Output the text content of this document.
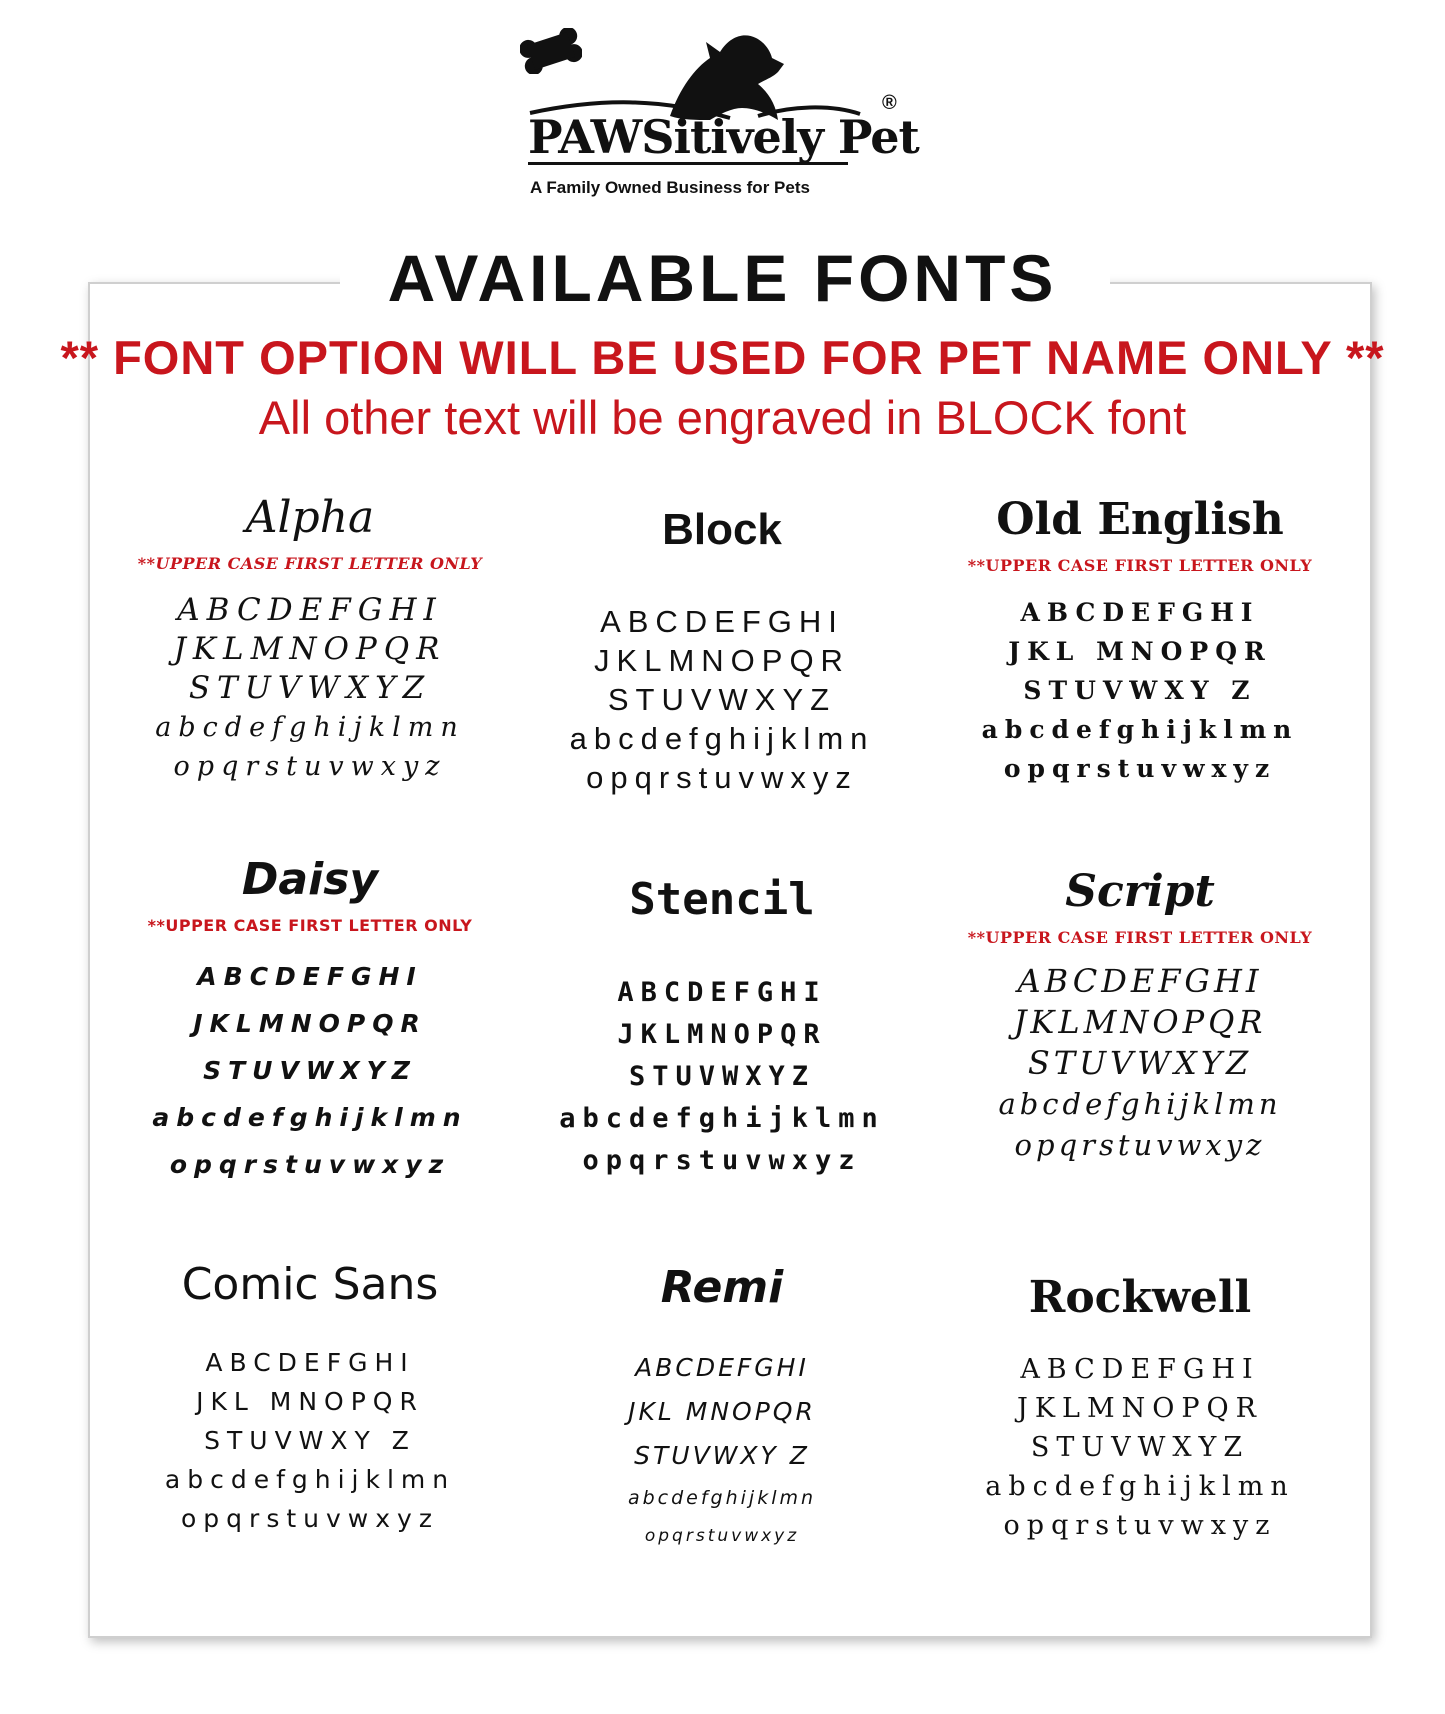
PAWSitively Pet
®
A Family Owned Business for Pets	TAGS
AVAILABLE FONTS
** FONT OPTION WILL BE USED FOR PET NAME ONLY **
All other text will be engraved in BLOCK font
Alpha
**UPPER CASE FIRST LETTER ONLY
ABCDEFGHI
JKLMNOPQR
STUVWXYZ
abcdefghijklmn
opqrstuvwxyz
Block
ABCDEFGHI
JKLMNOPQR
STUVWXYZ
abcdefghijklmn
opqrstuvwxyz
Old English
**UPPER CASE FIRST LETTER ONLY
ABCDEFGHI
JKL MNOPQR
STUVWXY Z
abcdefghijklmn
opqrstuvwxyz
Daisy
**UPPER CASE FIRST LETTER ONLY
ABCDEFGHI
JKLMNOPQR
STUVWXYZ
abcdefghijklmn
opqrstuvwxyz
Stencil
ABCDEFGHI
JKLMNOPQR
STUVWXYZ
abcdefghijklmn
opqrstuvwxyz
Script
**UPPER CASE FIRST LETTER ONLY
ABCDEFGHI
JKLMNOPQR
STUVWXYZ
abcdefghijklmn
opqrstuvwxyz
Comic Sans
ABCDEFGHI
JKL MNOPQR
STUVWXY Z
abcdefghijklmn
opqrstuvwxyz
Remi
ABCDEFGHI
JKL MNOPQR
STUVWXY Z
abcdefghijklmn
opqrstuvwxyz
Rockwell
ABCDEFGHI
JKLMNOPQR
STUVWXYZ
abcdefghijklmn
opqrstuvwxyz
